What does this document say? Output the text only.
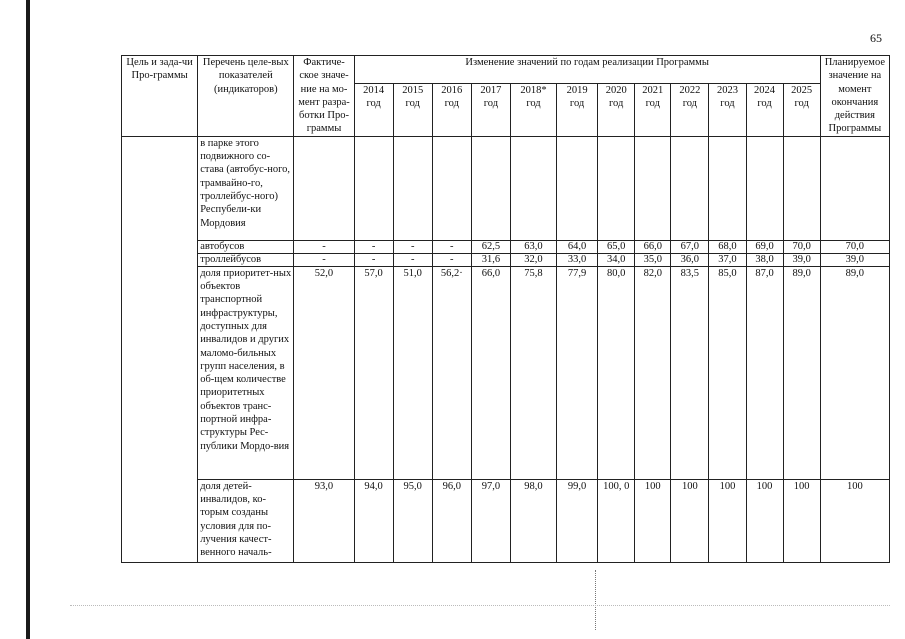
65
Цель и зада-чи Про-граммы	Перечень целе-вых показателей (индикаторов)	Фактиче-ское значе-ние на мо-мент разра-ботки Про-граммы	Изменение значений по годам реализации Программы												Планируемое значение на момент окончания действия Программы
			2014 год	2015 год	2016 год	2017 год	2018* год	2019 год	2020 год	2021 год	2022 год	2023 год	2024 год	2025 год	
	в парке этого подвижного со-става (автобус-ного, трамвайно-го, троллейбус-ного) Респубели-ки Мордовия														
	автобусов	-	-	-	-	62,5	63,0	64,0	65,0	66,0	67,0	68,0	69,0	70,0	70,0
	троллейбусов	-	-	-	-	31,6	32,0	33,0	34,0	35,0	36,0	37,0	38,0	39,0	39,0
	доля приоритет-ных объектов транспортной инфраструктуры, доступных для инвалидов и других маломо-бильных групп населения, в об-щем количестве приоритетных объектов транс-портной инфра-структуры Рес-публики Мордо-вия	52,0	57,0	51,0	56,2·	66,0	75,8	77,9	80,0	82,0	83,5	85,0	87,0	89,0	89,0
	доля детей-инвалидов, ко-торым созданы условия для по-лучения качест-венного началь-	93,0	94,0	95,0	96,0	97,0	98,0	99,0	100, 0	100	100	100	100	100	100
